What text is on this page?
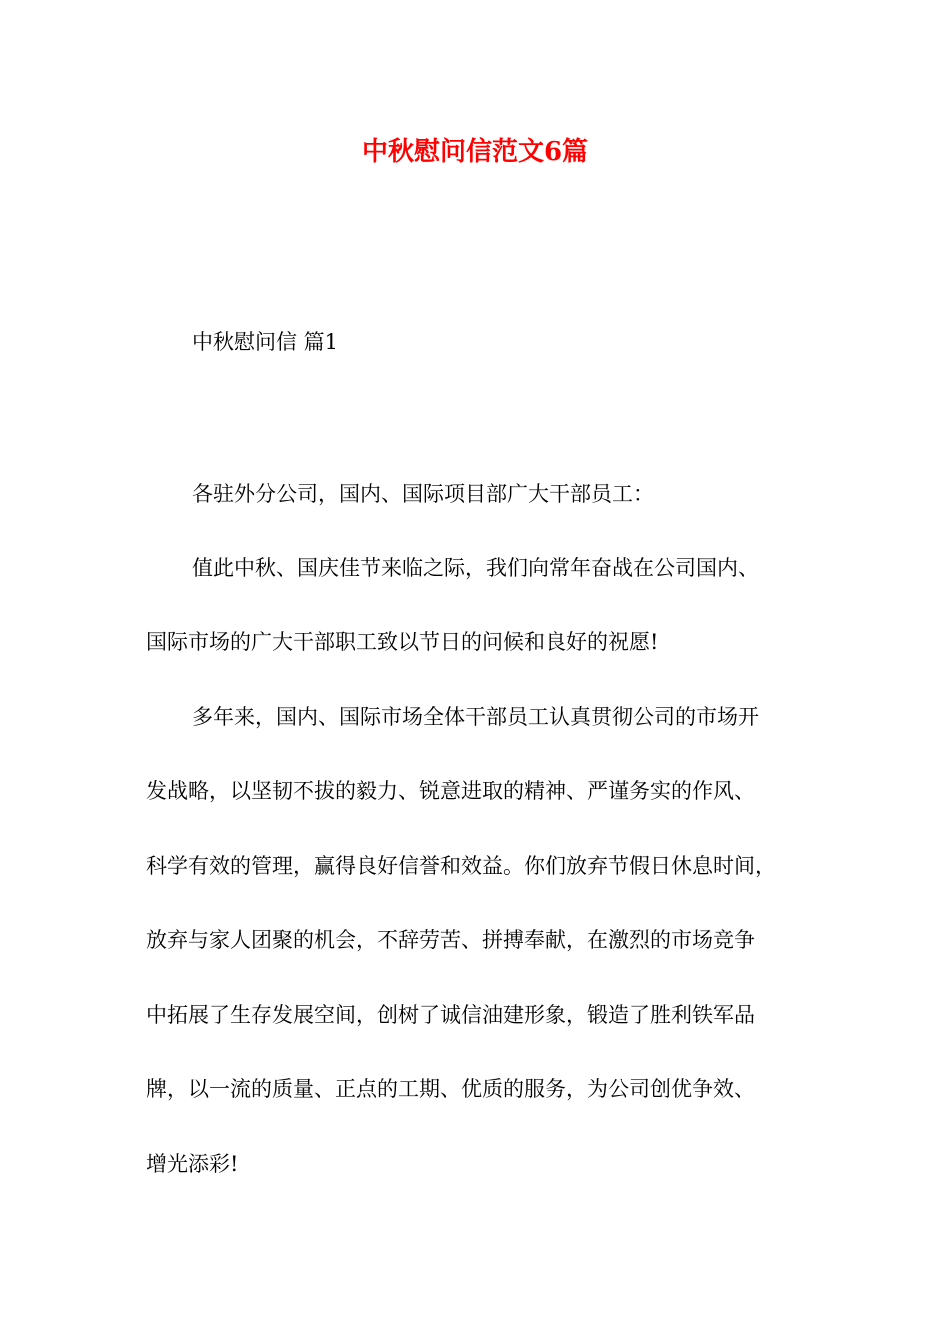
中秋慰问信范文6篇

中秋慰问信 篇1

各驻外分公司，国内、国际项目部广大干部员工：

值此中秋、国庆佳节来临之际，我们向常年奋战在公司国内、

国际市场的广大干部职工致以节日的问候和良好的祝愿!

多年来，国内、国际市场全体干部员工认真贯彻公司的市场开

发战略，以坚韧不拔的毅力、锐意进取的精神、严谨务实的作风、

科学有效的管理，赢得良好信誉和效益。你们放弃节假日休息时间，

放弃与家人团聚的机会，不辞劳苦、拼搏奉献，在激烈的市场竞争

中拓展了生存发展空间，创树了诚信油建形象，锻造了胜利铁军品

牌，以一流的质量、正点的工期、优质的服务，为公司创优争效、

增光添彩!
